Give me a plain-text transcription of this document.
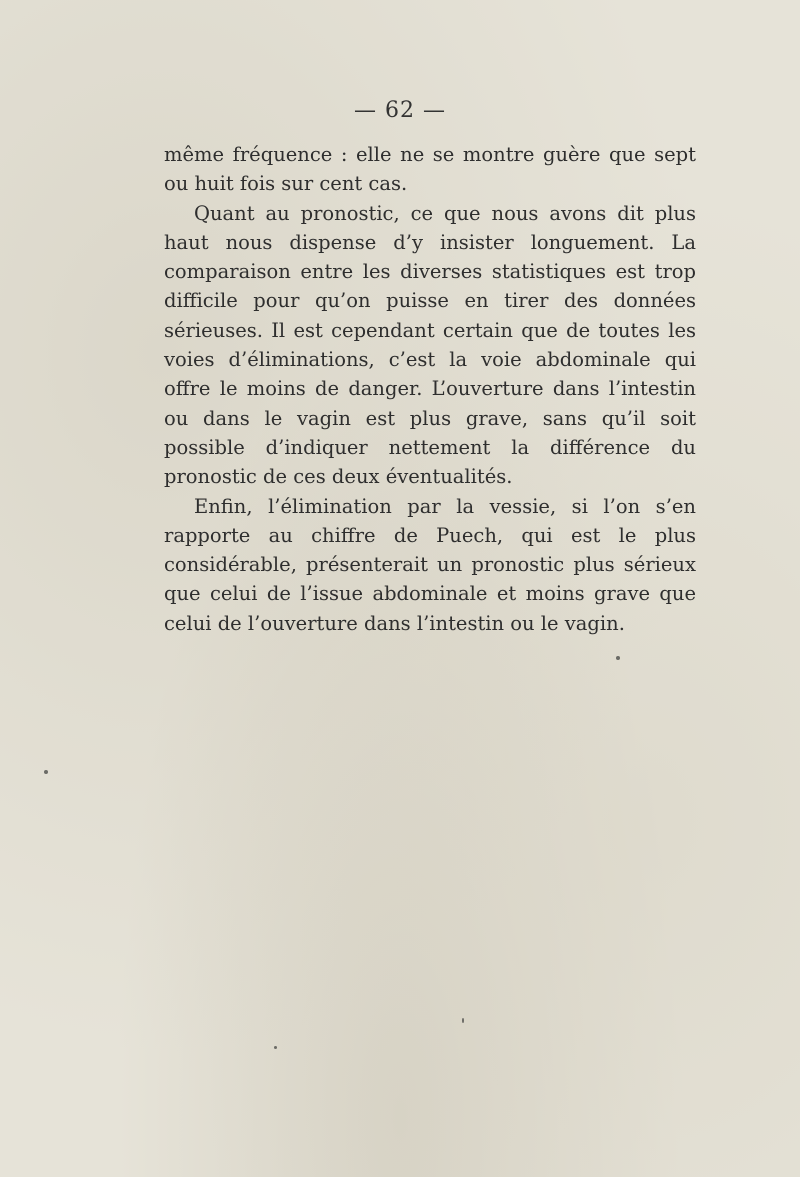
— 62 —

même fréquence : elle ne se montre guère que sept ou huit fois sur cent cas.

Quant au pronostic, ce que nous avons dit plus haut nous dispense d’y insister longuement. La comparaison entre les diverses statistiques est trop difficile pour qu’on puisse en tirer des données sérieuses. Il est cependant certain que de toutes les voies d’éliminations, c’est la voie abdominale qui offre le moins de danger. L’ouverture dans l’intestin ou dans le vagin est plus grave, sans qu’il soit possible d’indiquer nettement la différence du pronostic de ces deux éventualités.

Enfin, l’élimination par la vessie, si l’on s’en rapporte au chiffre de Puech, qui est le plus considérable, présenterait un pronostic plus sérieux que celui de l’issue abdominale et moins grave que celui de l’ouverture dans l’intestin ou le vagin.
